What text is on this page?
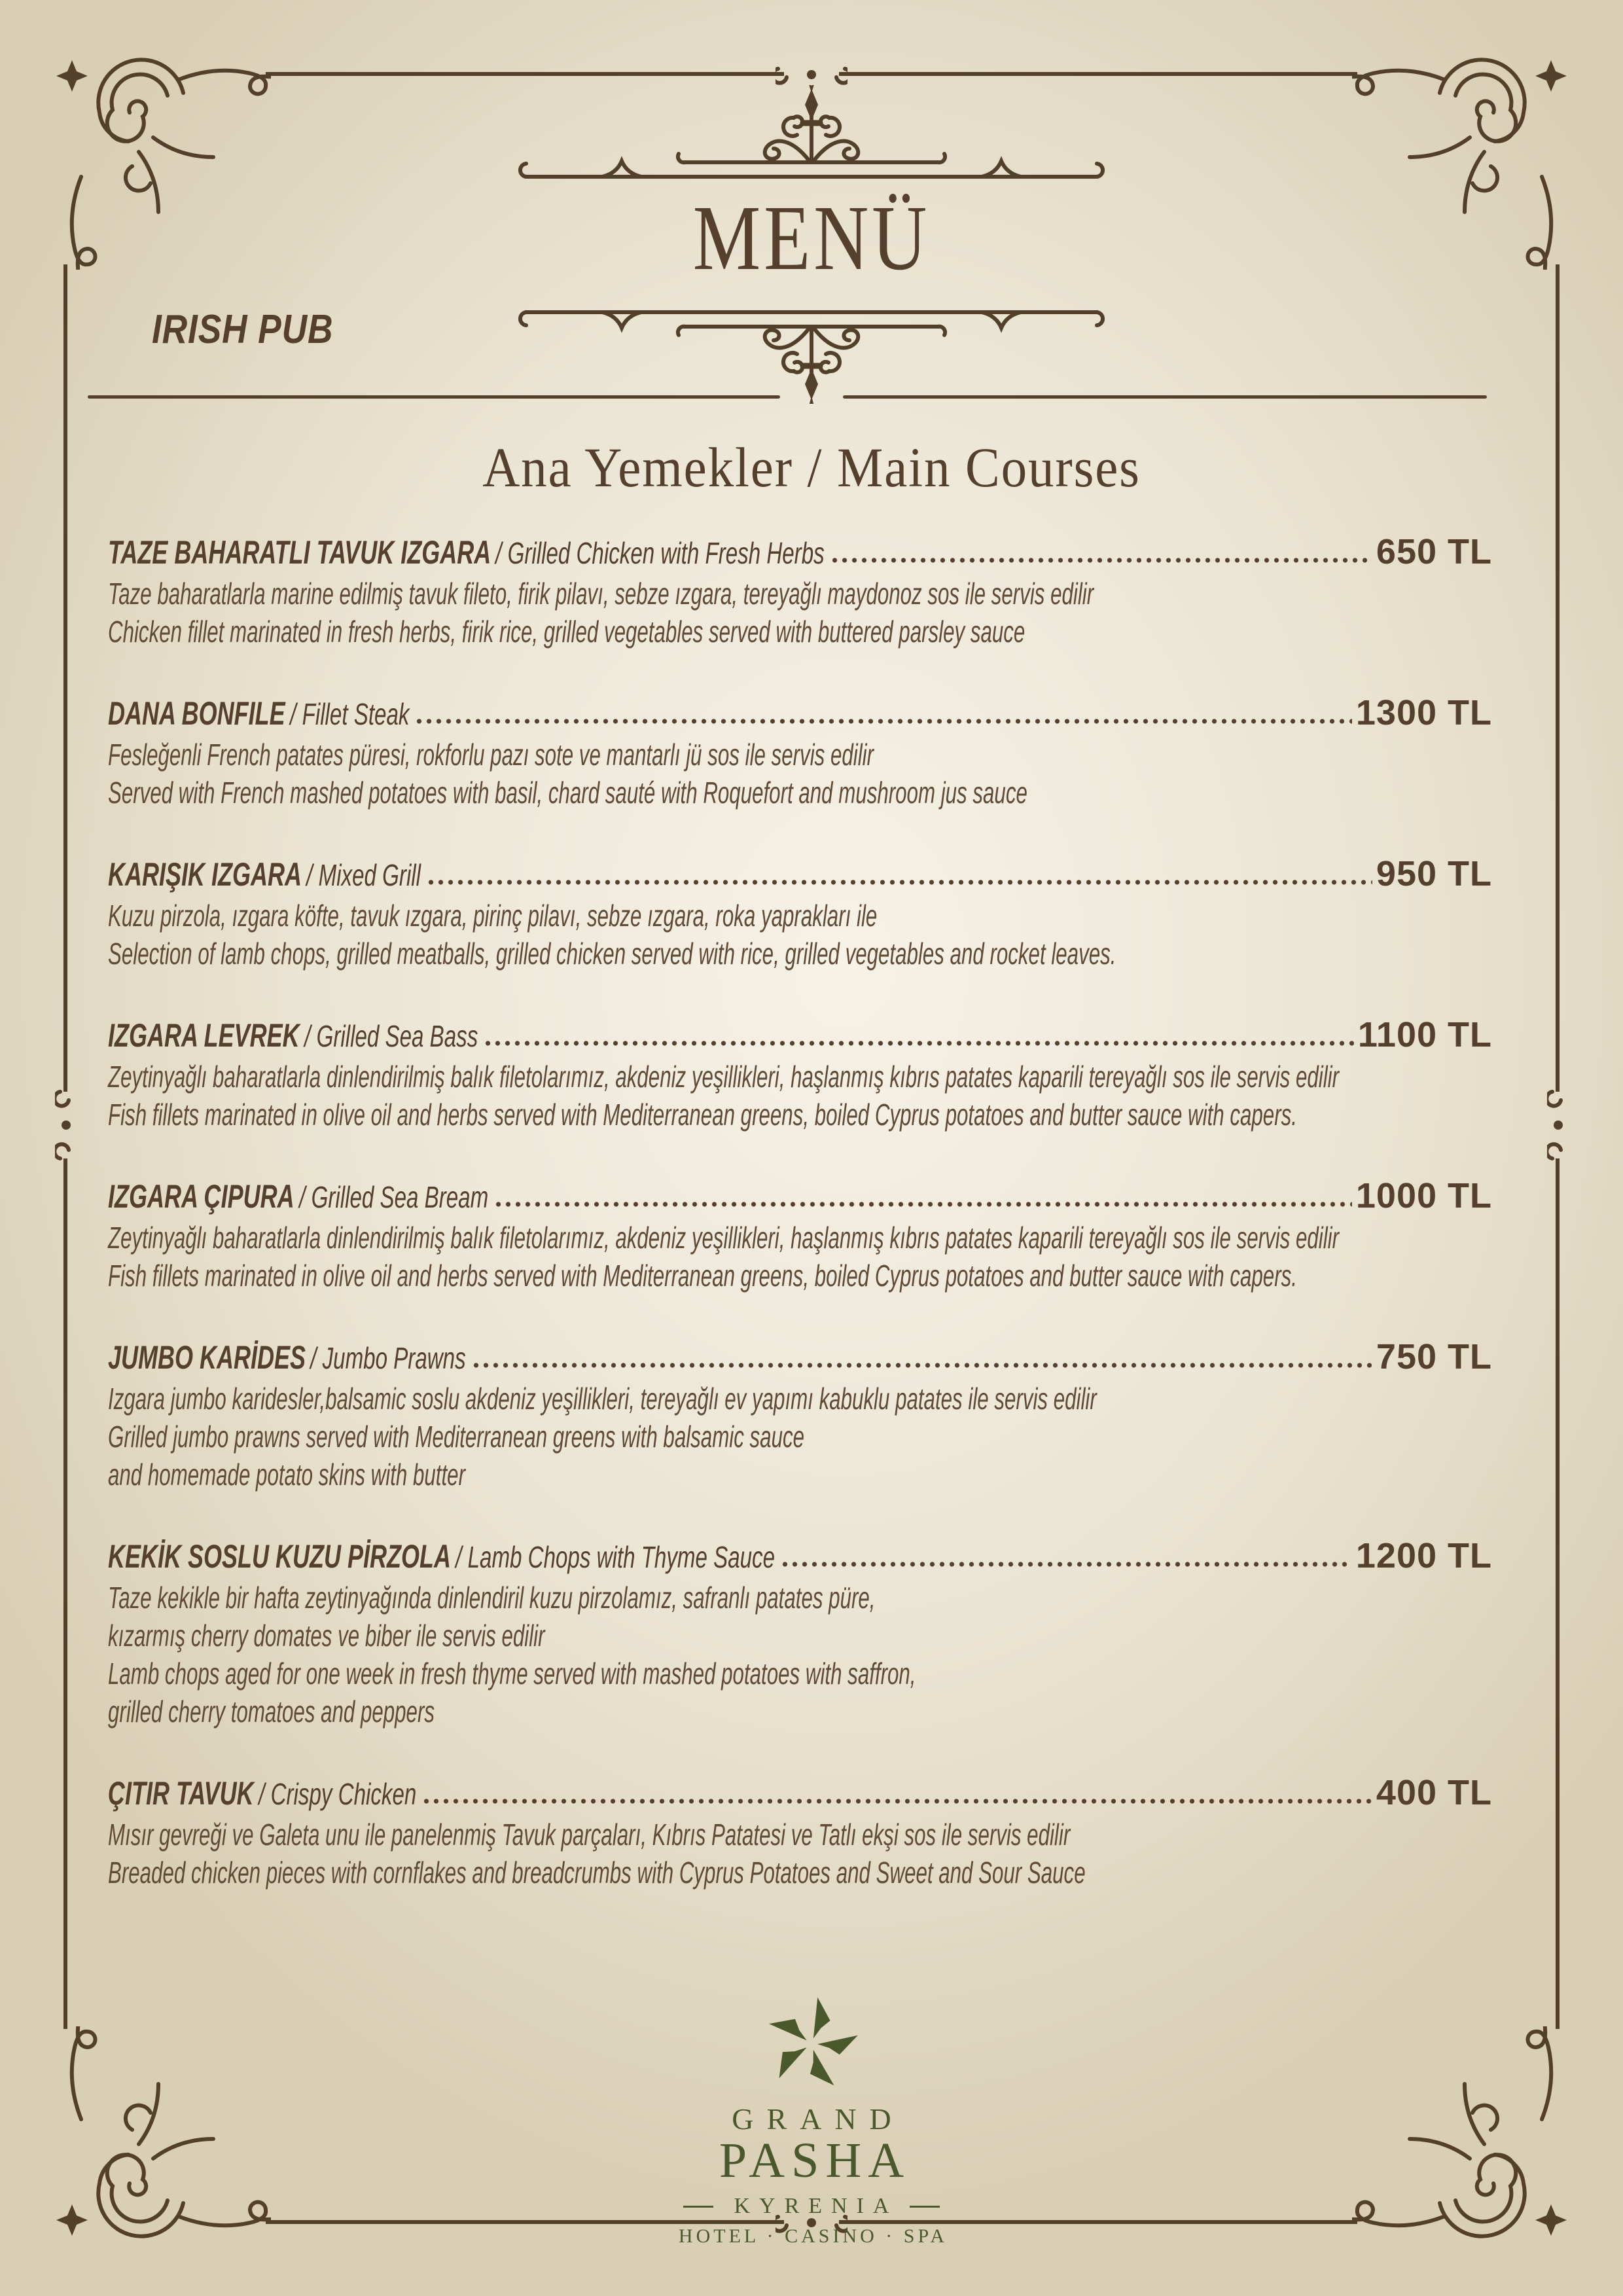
MENÜ
IRISH PUB
Ana Yemekler / Main Courses
TAZE BAHARATLI TAVUK IZGARA / Grilled Chicken with Fresh Herbs	650 TL
Taze baharatlarla marine edilmiş tavuk fileto, firik pilavı, sebze ızgara, tereyağlı maydonoz sos ile servis edilir
Chicken fillet marinated in fresh herbs, firik rice, grilled vegetables served with buttered parsley sauce
DANA BONFILE / Fillet Steak	1300 TL
Fesleğenli French patates püresi, rokforlu pazı sote ve mantarlı jü sos ile servis edilir
Served with French mashed potatoes with basil, chard sauté with Roquefort and mushroom jus sauce
KARIŞIK IZGARA / Mixed Grill	950 TL
Kuzu pirzola, ızgara köfte, tavuk ızgara, pirinç pilavı, sebze ızgara, roka yaprakları ile
Selection of lamb chops, grilled meatballs, grilled chicken served with rice, grilled vegetables and rocket leaves.
IZGARA LEVREK / Grilled Sea Bass	1100 TL
Zeytinyağlı baharatlarla dinlendirilmiş balık filetolarımız, akdeniz yeşillikleri, haşlanmış kıbrıs patates kaparili tereyağlı sos ile servis edilir
Fish fillets marinated in olive oil and herbs served with Mediterranean greens, boiled Cyprus potatoes and butter sauce with capers.
IZGARA ÇIPURA / Grilled Sea Bream	1000 TL
Zeytinyağlı baharatlarla dinlendirilmiş balık filetolarımız, akdeniz yeşillikleri, haşlanmış kıbrıs patates kaparili tereyağlı sos ile servis edilir
Fish fillets marinated in olive oil and herbs served with Mediterranean greens, boiled Cyprus potatoes and butter sauce with capers.
JUMBO KARİDES / Jumbo Prawns	750 TL
Izgara jumbo karidesler,balsamic soslu akdeniz yeşillikleri, tereyağlı ev yapımı kabuklu patates ile servis edilir
Grilled jumbo prawns served with Mediterranean greens with balsamic sauce
and homemade potato skins with butter
KEKİK SOSLU KUZU PİRZOLA / Lamb Chops with Thyme Sauce	1200 TL
Taze kekikle bir hafta zeytinyağında dinlendiril kuzu pirzolamız, safranlı patates püre,
kızarmış cherry domates ve biber ile servis edilir
Lamb chops aged for one week in fresh thyme served with mashed potatoes with saffron,
grilled cherry tomatoes and peppers
ÇITIR TAVUK / Crispy Chicken	400 TL
Mısır gevreği ve Galeta unu ile panelenmiş Tavuk parçaları, Kıbrıs Patatesi ve Tatlı ekşi sos ile servis edilir
Breaded chicken pieces with cornflakes and breadcrumbs with Cyprus Potatoes and Sweet and Sour Sauce
GRAND
PASHA
KYRENIA
HOTEL · CASINO · SPA
